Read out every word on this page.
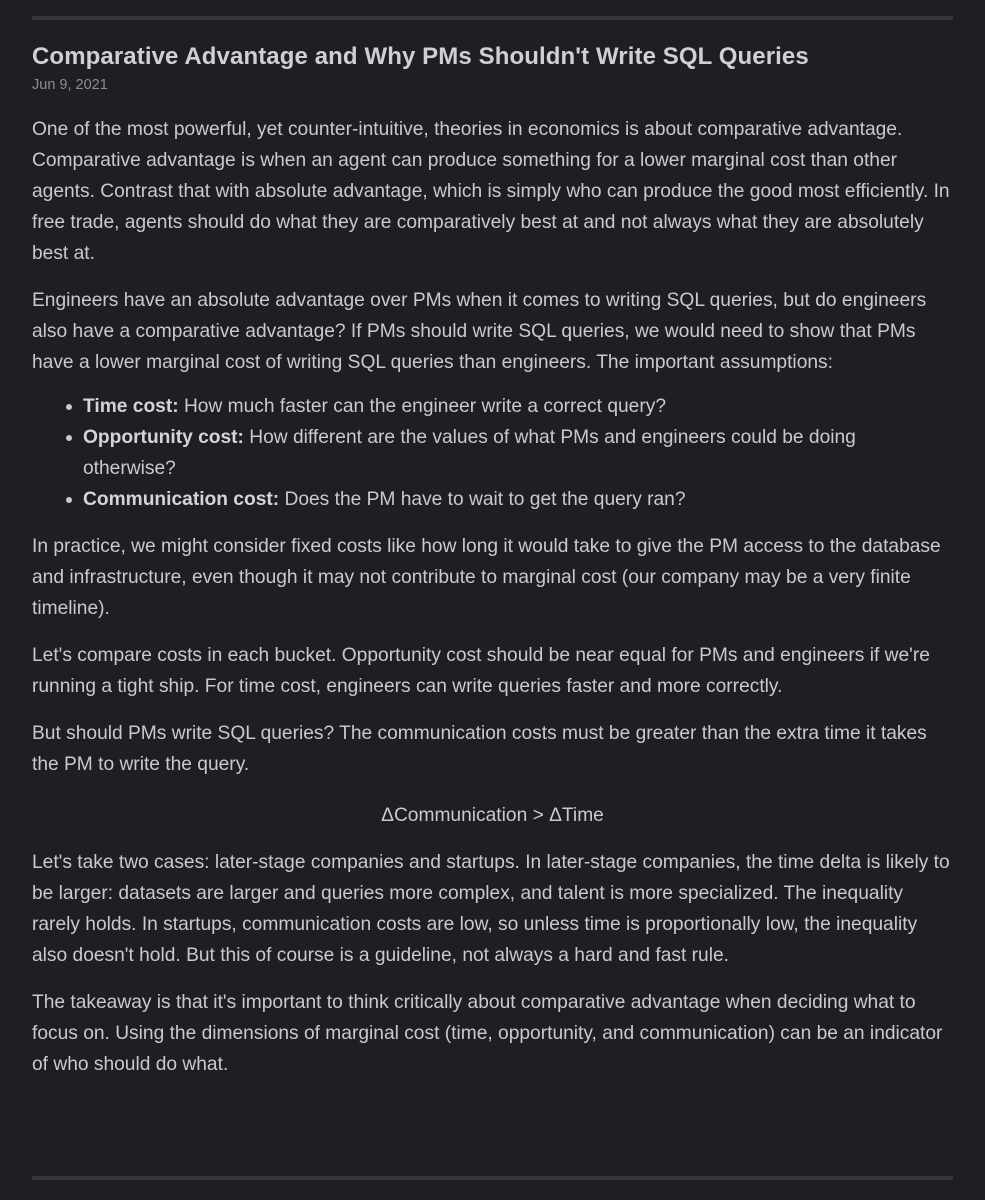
Comparative Advantage and Why PMs Shouldn't Write SQL Queries
Jun 9, 2021

One of the most powerful, yet counter-intuitive, theories in economics is about comparative advantage. Comparative advantage is when an agent can produce something for a lower marginal cost than other agents. Contrast that with absolute advantage, which is simply who can produce the good most efficiently. In free trade, agents should do what they are comparatively best at and not always what they are absolutely best at.

Engineers have an absolute advantage over PMs when it comes to writing SQL queries, but do engineers also have a comparative advantage? If PMs should write SQL queries, we would need to show that PMs have a lower marginal cost of writing SQL queries than engineers. The important assumptions:

Time cost: How much faster can the engineer write a correct query?
Opportunity cost: How different are the values of what PMs and engineers could be doing otherwise?
Communication cost: Does the PM have to wait to get the query ran?

In practice, we might consider fixed costs like how long it would take to give the PM access to the database and infrastructure, even though it may not contribute to marginal cost (our company may be a very finite timeline).

Let's compare costs in each bucket. Opportunity cost should be near equal for PMs and engineers if we're running a tight ship. For time cost, engineers can write queries faster and more correctly.

But should PMs write SQL queries? The communication costs must be greater than the extra time it takes the PM to write the query.

ΔCommunication > ΔTime

Let's take two cases: later-stage companies and startups. In later-stage companies, the time delta is likely to be larger: datasets are larger and queries more complex, and talent is more specialized. The inequality rarely holds. In startups, communication costs are low, so unless time is proportionally low, the inequality also doesn't hold. But this of course is a guideline, not always a hard and fast rule.

The takeaway is that it's important to think critically about comparative advantage when deciding what to focus on. Using the dimensions of marginal cost (time, opportunity, and communication) can be an indicator of who should do what.
